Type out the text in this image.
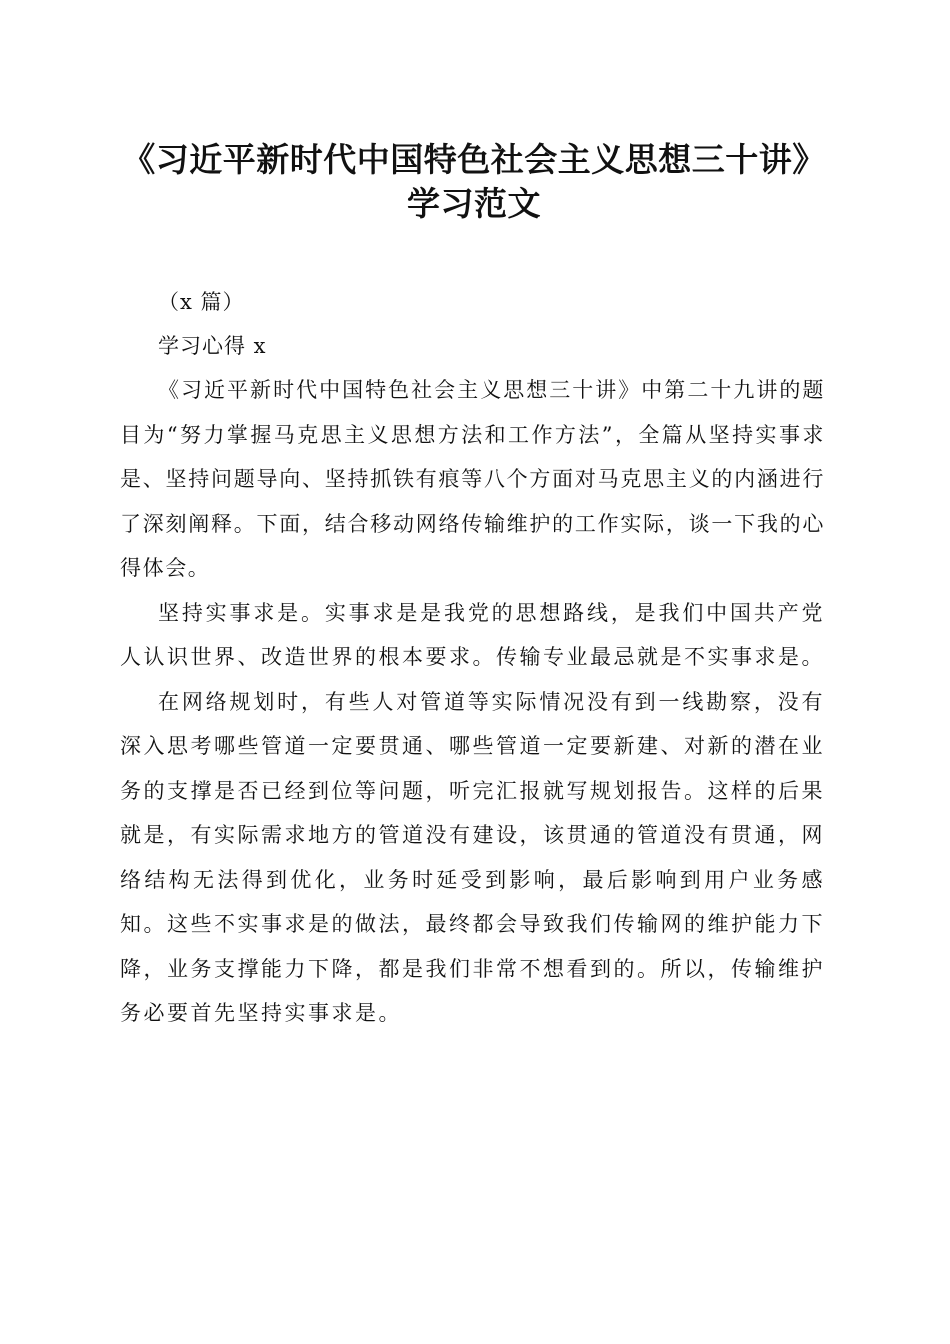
《习近平新时代中国特色社会主义思想三十讲》学习范文

（x 篇）

学习心得 x

《习近平新时代中国特色社会主义思想三十讲》中第二十九讲的题目为“努力掌握马克思主义思想方法和工作方法”，全篇从坚持实事求是、坚持问题导向、坚持抓铁有痕等八个方面对马克思主义的内涵进行了深刻阐释。下面，结合移动网络传输维护的工作实际，谈一下我的心得体会。

坚持实事求是。实事求是是我党的思想路线，是我们中国共产党人认识世界、改造世界的根本要求。传输专业最忌就是不实事求是。

在网络规划时，有些人对管道等实际情况没有到一线勘察，没有深入思考哪些管道一定要贯通、哪些管道一定要新建、对新的潜在业务的支撑是否已经到位等问题，听完汇报就写规划报告。这样的后果就是，有实际需求地方的管道没有建设，该贯通的管道没有贯通，网络结构无法得到优化，业务时延受到影响，最后影响到用户业务感知。这些不实事求是的做法，最终都会导致我们传输网的维护能力下降，业务支撑能力下降，都是我们非常不想看到的。所以，传输维护务必要首先坚持实事求是。
